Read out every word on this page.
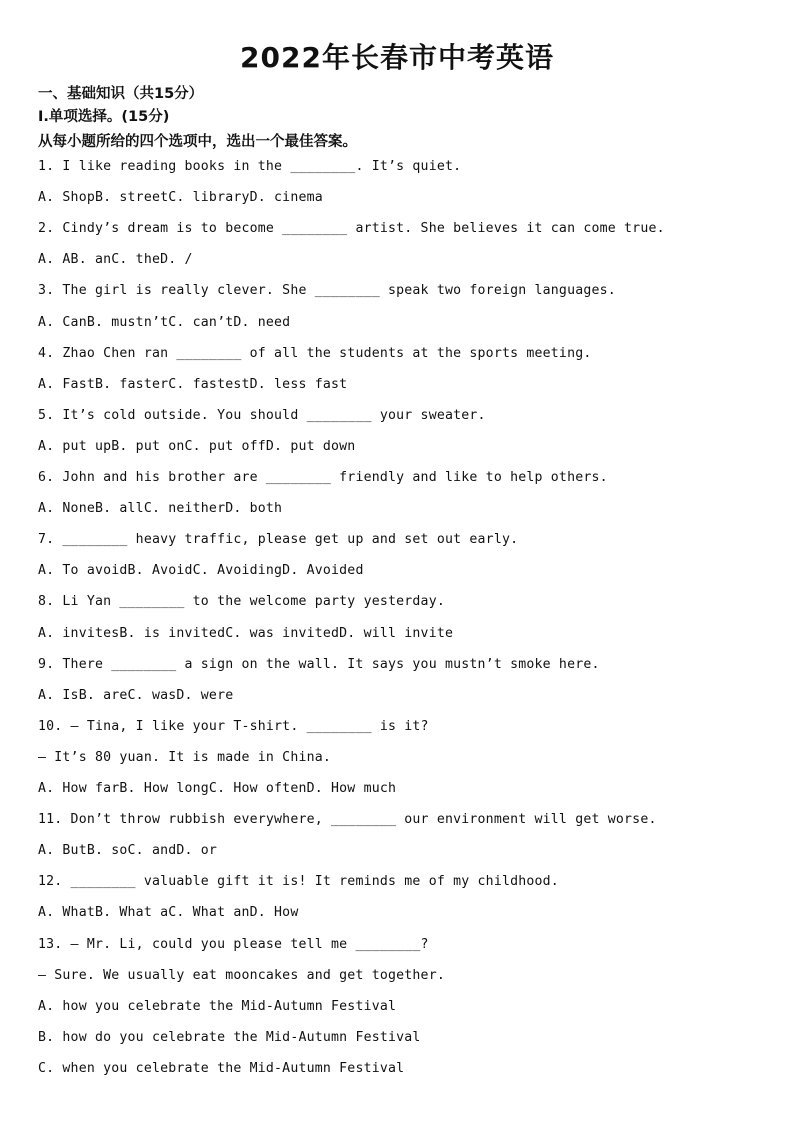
2022年长春市中考英语
一、基础知识（共15分）
Ⅰ.单项选择。(15分)
从每小题所给的四个选项中，选出一个最佳答案。
1. I like reading books in the ________. It’s quiet.
A. ShopB. streetC. libraryD. cinema
2. Cindy’s dream is to become ________ artist. She believes it can come true.
A. AB. anC. theD. /
3. The girl is really clever. She ________ speak two foreign languages.
A. CanB. mustn’tC. can’tD. need
4. Zhao Chen ran ________ of all the students at the sports meeting.
A. FastB. fasterC. fastestD. less fast
5. It’s cold outside. You should ________ your sweater.
A. put upB. put onC. put offD. put down
6. John and his brother are ________ friendly and like to help others.
A. NoneB. allC. neitherD. both
7. ________ heavy traffic, please get up and set out early.
A. To avoidB. AvoidC. AvoidingD. Avoided
8. Li Yan ________ to the welcome party yesterday.
A. invitesB. is invitedC. was invitedD. will invite
9. There ________ a sign on the wall. It says you mustn’t smoke here.
A. IsB. areC. wasD. were
10. — Tina, I like your T-shirt. ________ is it?
— It’s 80 yuan. It is made in China.
A. How farB. How longC. How oftenD. How much
11. Don’t throw rubbish everywhere, ________ our environment will get worse.
A. ButB. soC. andD. or
12. ________ valuable gift it is! It reminds me of my childhood.
A. WhatB. What aC. What anD. How
13. — Mr. Li, could you please tell me ________?
— Sure. We usually eat mooncakes and get together.
A. how you celebrate the Mid-Autumn Festival
B. how do you celebrate the Mid-Autumn Festival
C. when you celebrate the Mid-Autumn Festival
